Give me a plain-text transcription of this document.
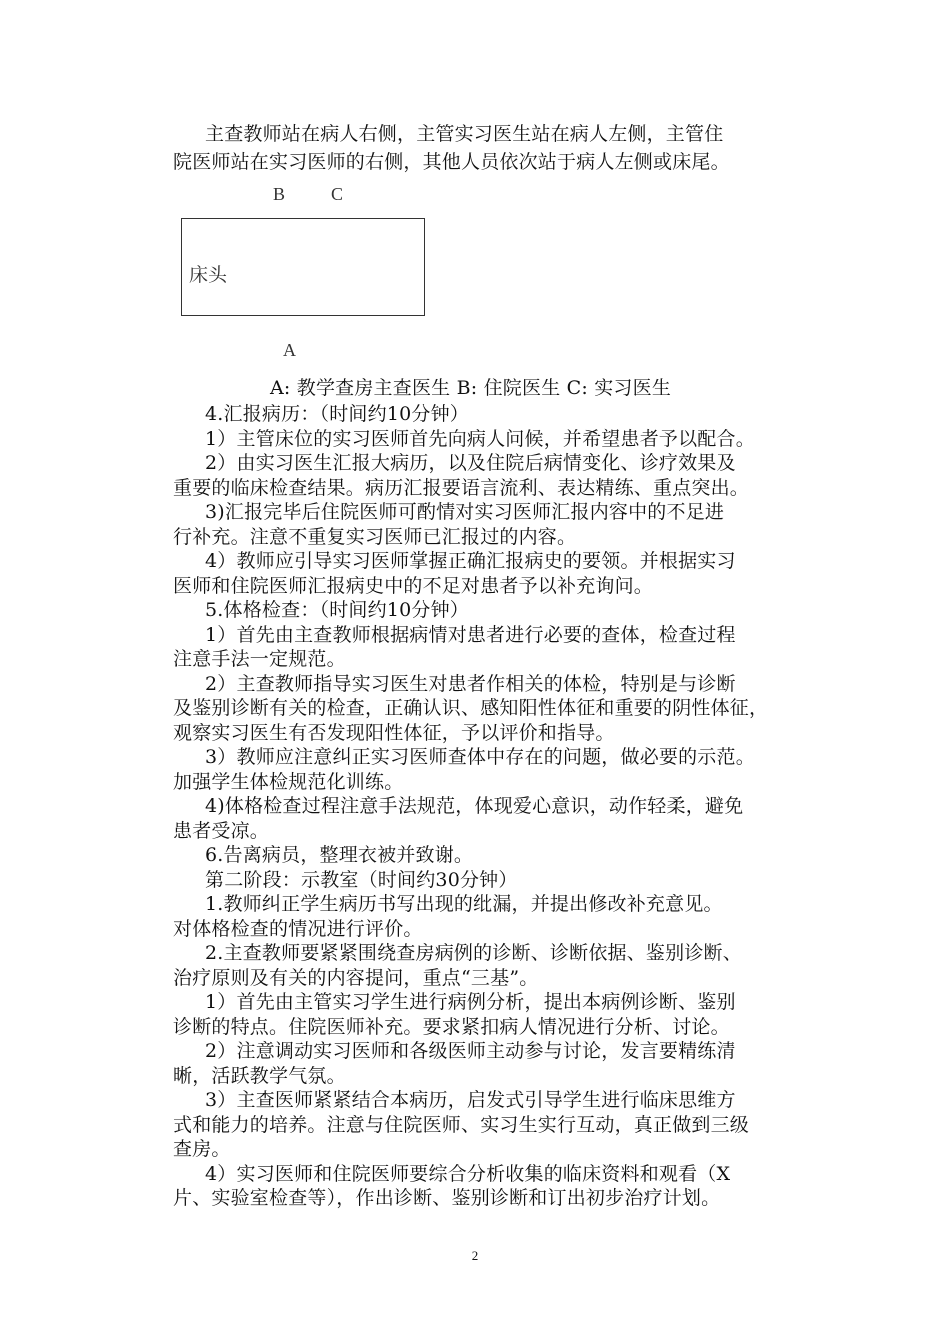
主查教师站在病人右侧，主管实习医生站在病人左侧，主管住
院医师站在实习医师的右侧，其他人员依次站于病人左侧或床尾。
B	C
床头
A
A: 教学查房主查医生 B: 住院医生 C: 实习医生
4.汇报病历：（时间约10分钟）
1）主管床位的实习医师首先向病人问候，并希望患者予以配合。
2）由实习医生汇报大病历，以及住院后病情变化、诊疗效果及
重要的临床检查结果。病历汇报要语言流利、表达精练、重点突出。
3)汇报完毕后住院医师可酌情对实习医师汇报内容中的不足进
行补充。注意不重复实习医师已汇报过的内容。
4）教师应引导实习医师掌握正确汇报病史的要领。并根据实习
医师和住院医师汇报病史中的不足对患者予以补充询问。
5.体格检查：（时间约10分钟）
1）首先由主查教师根据病情对患者进行必要的查体，检查过程
注意手法一定规范。
2）主查教师指导实习医生对患者作相关的体检，特别是与诊断
及鉴别诊断有关的检查，正确认识、感知阳性体征和重要的阴性体征，
观察实习医生有否发现阳性体征，予以评价和指导。
3）教师应注意纠正实习医师查体中存在的问题，做必要的示范。
加强学生体检规范化训练。
4)体格检查过程注意手法规范，体现爱心意识，动作轻柔，避免
患者受凉。
6.告离病员，整理衣被并致谢。
第二阶段：示教室（时间约30分钟）
1.教师纠正学生病历书写出现的纰漏，并提出修改补充意见。
对体格检查的情况进行评价。
2.主查教师要紧紧围绕查房病例的诊断、诊断依据、鉴别诊断、
治疗原则及有关的内容提问，重点“三基”。
1）首先由主管实习学生进行病例分析，提出本病例诊断、鉴别
诊断的特点。住院医师补充。要求紧扣病人情况进行分析、讨论。
2）注意调动实习医师和各级医师主动参与讨论，发言要精练清
晰，活跃教学气氛。
3）主查医师紧紧结合本病历，启发式引导学生进行临床思维方
式和能力的培养。注意与住院医师、实习生实行互动，真正做到三级
查房。
4）实习医师和住院医师要综合分析收集的临床资料和观看（X
片、实验室检查等），作出诊断、鉴别诊断和订出初步治疗计划。
2
